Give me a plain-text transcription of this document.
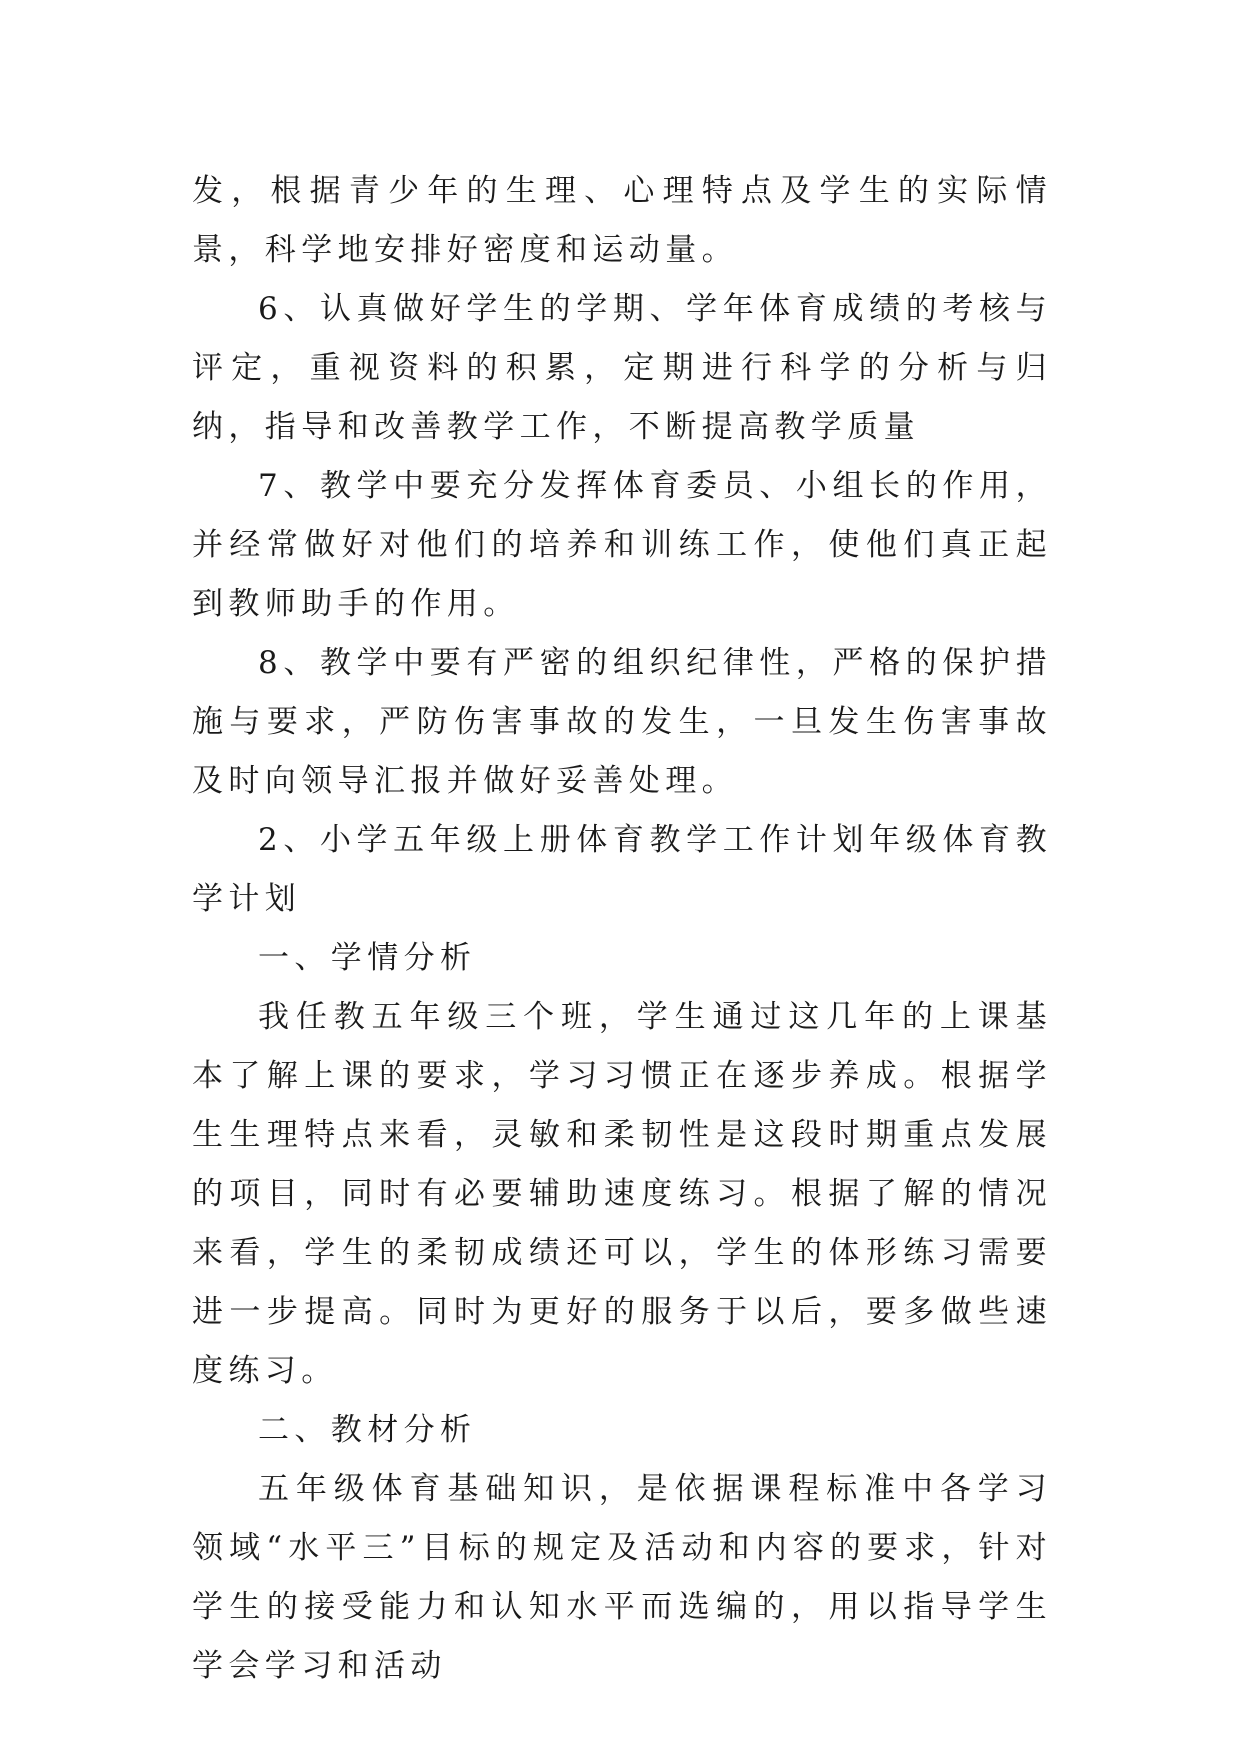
发，根据青少年的生理、心理特点及学生的实际情景，科学地安排好密度和运动量。

6、认真做好学生的学期、学年体育成绩的考核与评定，重视资料的积累，定期进行科学的分析与归纳，指导和改善教学工作，不断提高教学质量

7、教学中要充分发挥体育委员、小组长的作用，并经常做好对他们的培养和训练工作，使他们真正起到教师助手的作用。

8、教学中要有严密的组织纪律性，严格的保护措施与要求，严防伤害事故的发生，一旦发生伤害事故及时向领导汇报并做好妥善处理。

2、小学五年级上册体育教学工作计划年级体育教学计划

一、学情分析

我任教五年级三个班，学生通过这几年的上课基本了解上课的要求，学习习惯正在逐步养成。根据学生生理特点来看，灵敏和柔韧性是这段时期重点发展的项目，同时有必要辅助速度练习。根据了解的情况来看，学生的柔韧成绩还可以，学生的体形练习需要进一步提高。同时为更好的服务于以后，要多做些速度练习。

二、教材分析

五年级体育基础知识，是依据课程标准中各学习领域“水平三”目标的规定及活动和内容的要求，针对学生的接受能力和认知水平而选编的，用以指导学生学会学习和活动
